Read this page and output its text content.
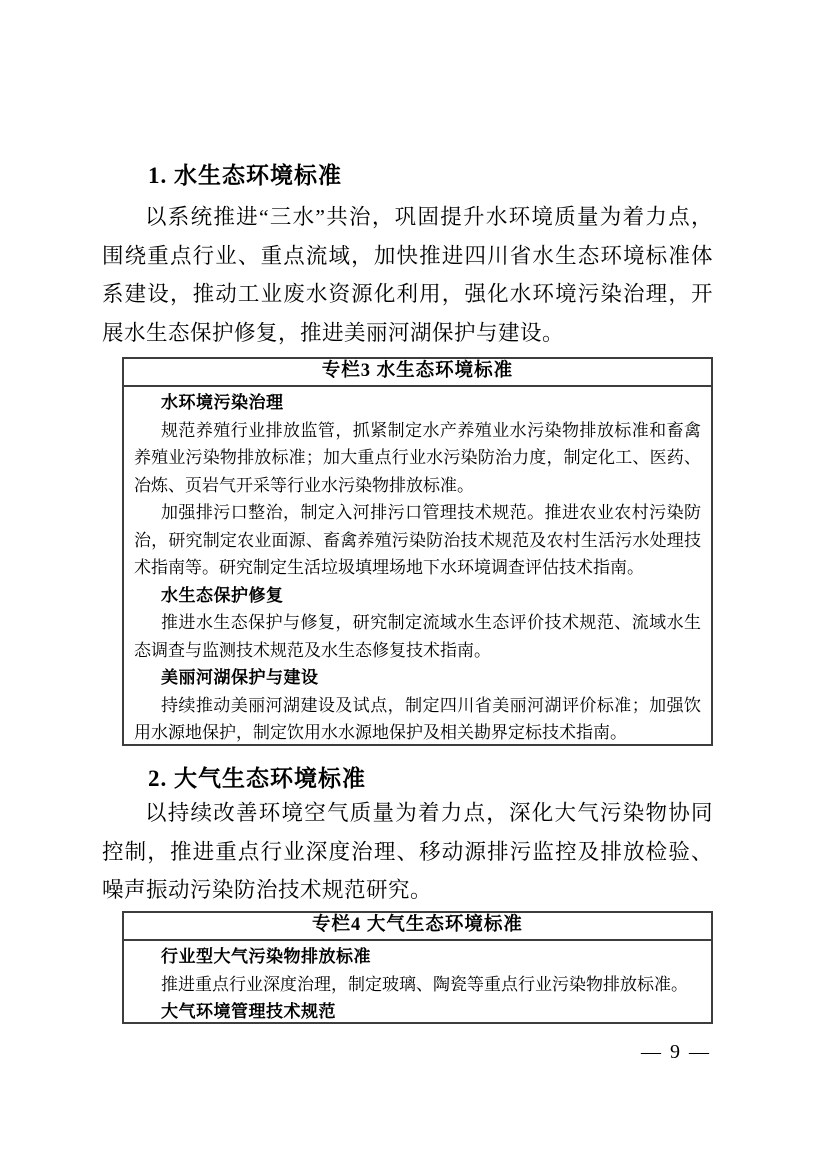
1. 水生态环境标准

以系统推进“三水”共治，巩固提升水环境质量为着力点，围绕重点行业、重点流域，加快推进四川省水生态环境标准体系建设，推动工业废水资源化利用，强化水环境污染治理，开展水生态保护修复，推进美丽河湖保护与建设。

专栏3 水生态环境标准

水环境污染治理

规范养殖行业排放监管，抓紧制定水产养殖业水污染物排放标准和畜禽养殖业污染物排放标准；加大重点行业水污染防治力度，制定化工、医药、冶炼、页岩气开采等行业水污染物排放标准。

加强排污口整治，制定入河排污口管理技术规范。推进农业农村污染防治，研究制定农业面源、畜禽养殖污染防治技术规范及农村生活污水处理技术指南等。研究制定生活垃圾填埋场地下水环境调查评估技术指南。

水生态保护修复

推进水生态保护与修复，研究制定流域水生态评价技术规范、流域水生态调查与监测技术规范及水生态修复技术指南。

美丽河湖保护与建设

持续推动美丽河湖建设及试点，制定四川省美丽河湖评价标准；加强饮用水源地保护，制定饮用水水源地保护及相关勘界定标技术指南。

2. 大气生态环境标准

以持续改善环境空气质量为着力点，深化大气污染物协同控制，推进重点行业深度治理、移动源排污监控及排放检验、噪声振动污染防治技术规范研究。

专栏4 大气生态环境标准

行业型大气污染物排放标准

推进重点行业深度治理，制定玻璃、陶瓷等重点行业污染物排放标准。

大气环境管理技术规范

— 9 —
